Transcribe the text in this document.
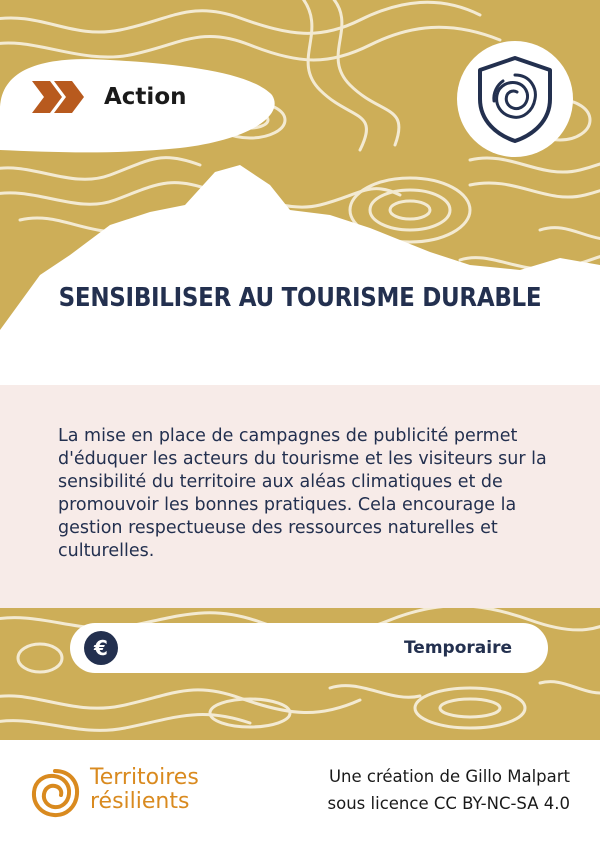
Action
SENSIBILISER AU TOURISME DURABLE

La mise en place de campagnes de publicité permet d'éduquer les acteurs du tourisme et les visiteurs sur la sensibilité du territoire aux aléas climatiques et de promouvoir les bonnes pratiques. Cela encourage la gestion respectueuse des ressources naturelles et culturelles.

€	Temporaire
Territoires
résilients
Une création de Gillo Malpart
sous licence CC BY-NC-SA 4.0
